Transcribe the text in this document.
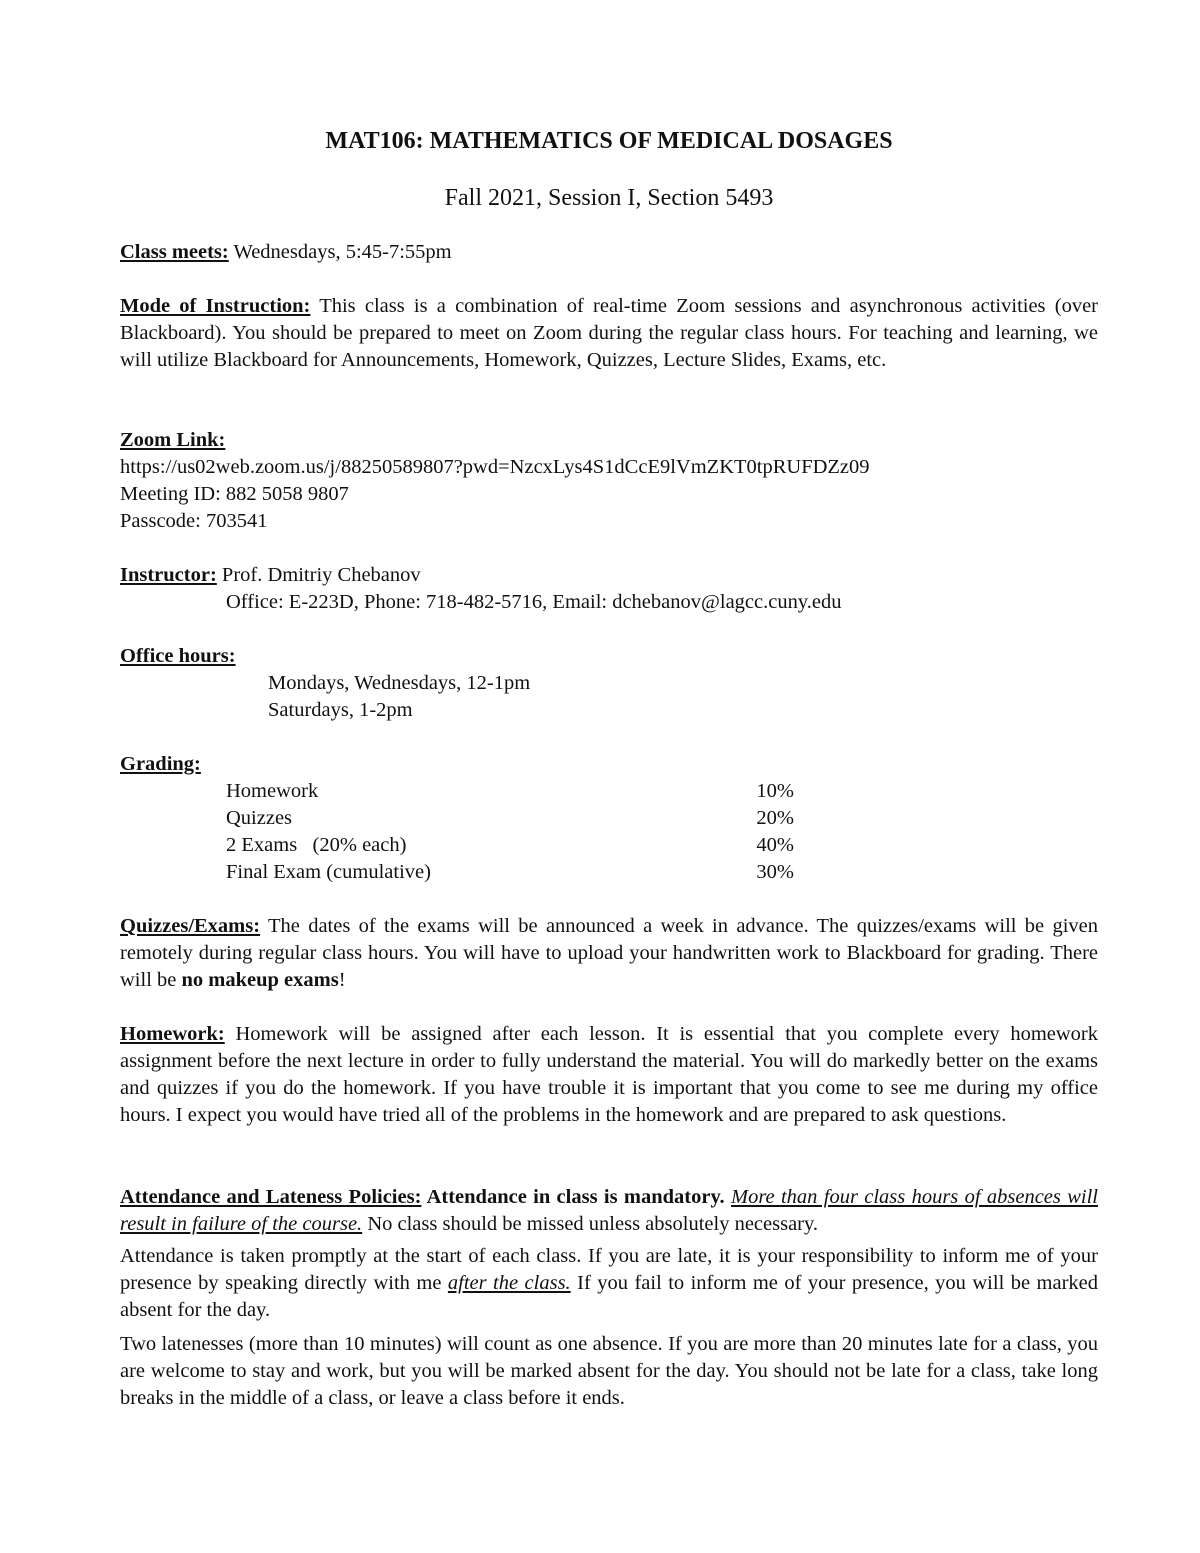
MAT106: MATHEMATICS OF MEDICAL DOSAGES
Fall 2021, Session I, Section 5493
Class meets: Wednesdays, 5:45-7:55pm
Mode of Instruction: This class is a combination of real-time Zoom sessions and asynchronous activities (over Blackboard). You should be prepared to meet on Zoom during the regular class hours. For teaching and learning, we will utilize Blackboard for Announcements, Homework, Quizzes, Lecture Slides, Exams, etc.

Zoom Link:

https://us02web.zoom.us/j/88250589807?pwd=NzcxLys4S1dCcE9lVmZKT0tpRUFDZz09

Meeting ID: 882 5058 9807

Passcode: 703541

Instructor: Prof. Dmitriy Chebanov

Office: E-223D, Phone: 718-482-5716, Email: dchebanov@lagcc.cuny.edu

Office hours:

Mondays, Wednesdays, 12-1pm

Saturdays, 1-2pm

Grading:
Homework	10%
Quizzes	20%
2 Exams   (20% each)	40%
Final Exam (cumulative)	30%
Quizzes/Exams: The dates of the exams will be announced a week in advance. The quizzes/exams will be given remotely during regular class hours. You will have to upload your handwritten work to Blackboard for grading. There will be no makeup exams!
Homework: Homework will be assigned after each lesson. It is essential that you complete every homework assignment before the next lecture in order to fully understand the material. You will do markedly better on the exams and quizzes if you do the homework. If you have trouble it is important that you come to see me during my office hours. I expect you would have tried all of the problems in the homework and are prepared to ask questions.
Attendance and Lateness Policies: Attendance in class is mandatory. More than four class hours of absences will result in failure of the course. No class should be missed unless absolutely necessary.
Attendance is taken promptly at the start of each class. If you are late, it is your responsibility to inform me of your presence by speaking directly with me after the class. If you fail to inform me of your presence, you will be marked absent for the day.
Two latenesses (more than 10 minutes) will count as one absence. If you are more than 20 minutes late for a class, you are welcome to stay and work, but you will be marked absent for the day. You should not be late for a class, take long breaks in the middle of a class, or leave a class before it ends.
